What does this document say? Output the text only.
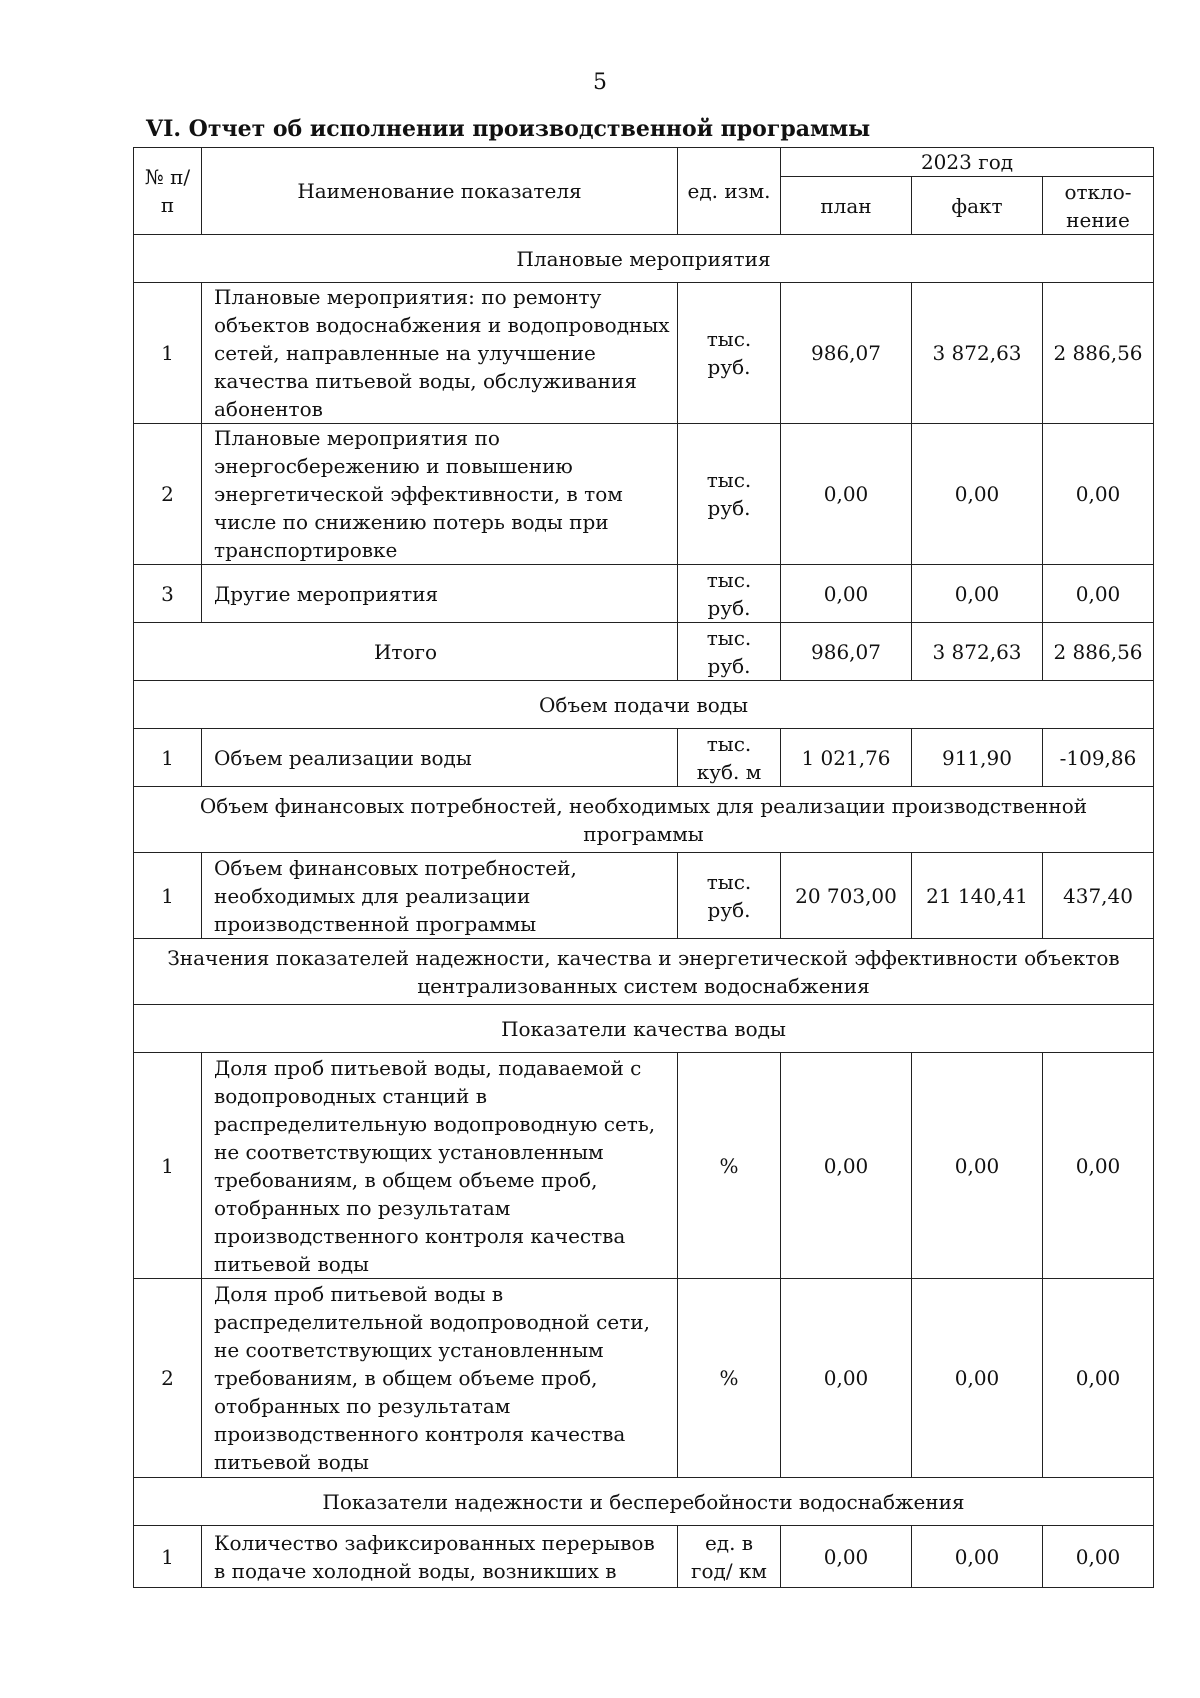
5
VI. Отчет об исполнении производственной программы
№ п/п	Наименование показателя	ед. изм.	2023 год		
			план	факт	откло-нение
Плановые мероприятия					
1	Плановые мероприятия: по ремонту объектов водоснабжения и водопроводных сетей, направленные на улучшение качества питьевой воды, обслуживания абонентов	тыс. руб.	986,07	3 872,63	2 886,56
2	Плановые мероприятия по энергосбережению и повышению энергетической эффективности, в том числе по снижению потерь воды при транспортировке	тыс. руб.	0,00	0,00	0,00
3	Другие мероприятия	тыс. руб.	0,00	0,00	0,00
Итого		тыс. руб.	986,07	3 872,63	2 886,56
Объем подачи воды					
1	Объем реализации воды	тыс. куб. м	1 021,76	911,90	-109,86
Объем финансовых потребностей, необходимых для реализации производственной программы					
1	Объем финансовых потребностей, необходимых для реализации производственной программы	тыс. руб.	20 703,00	21 140,41	437,40
Значения показателей надежности, качества и энергетической эффективности объектов централизованных систем водоснабжения					
Показатели качества воды					
1	Доля проб питьевой воды, подаваемой с водопроводных станций в распределительную водопроводную сеть, не соответствующих установленным требованиям, в общем объеме проб, отобранных по результатам производственного контроля качества питьевой воды	%	0,00	0,00	0,00
2	Доля проб питьевой воды в распределительной водопроводной сети, не соответствующих установленным требованиям, в общем объеме проб, отобранных по результатам производственного контроля качества питьевой воды	%	0,00	0,00	0,00
Показатели надежности и бесперебойности водоснабжения					
1	Количество зафиксированных перерывов в подаче холодной воды, возникших в	ед. в год/ км	0,00	0,00	0,00
